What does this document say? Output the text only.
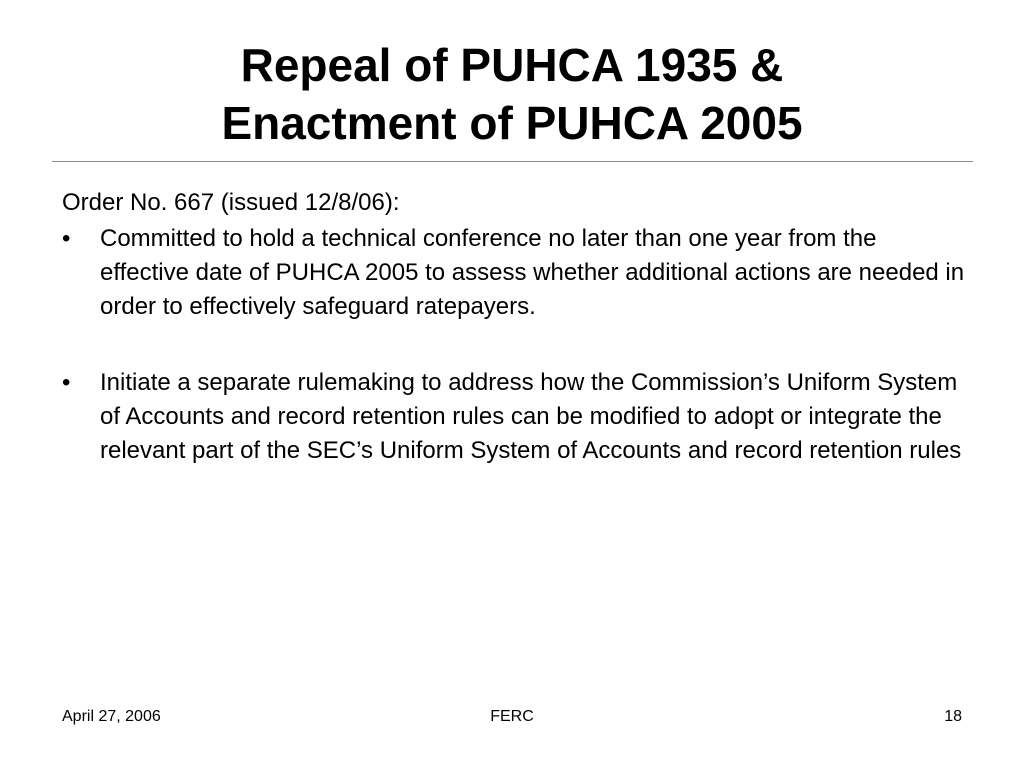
Repeal of PUHCA 1935 &
Enactment of PUHCA 2005

Order No. 667 (issued 12/8/06):

• Committed to hold a technical conference no later than one year from the effective date of PUHCA 2005 to assess whether additional actions are needed in order to effectively safeguard ratepayers.
• Initiate a separate rulemaking to address how the Commission’s Uniform System of Accounts and record retention rules can be modified to adopt or integrate the relevant part of the SEC’s Uniform System of Accounts and record retention rules
April 27, 2006	FERC	18
